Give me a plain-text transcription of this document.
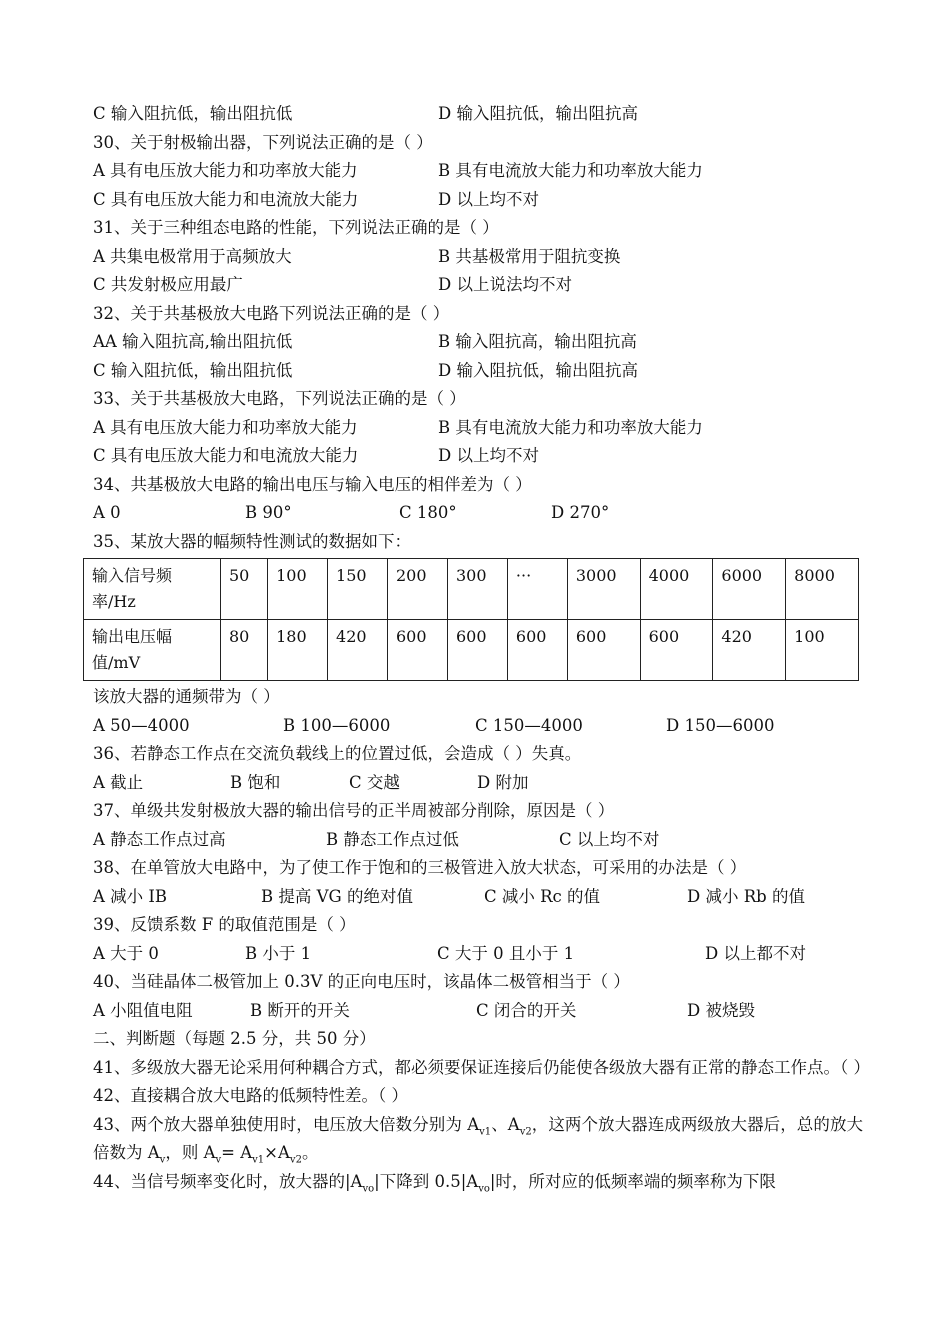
C 输入阻抗低，输出阻抗低	D 输入阻抗低，输出阻抗高
30、关于射极输出器，下列说法正确的是（ ）
A 具有电压放大能力和功率放大能力	B 具有电流放大能力和功率放大能力
C 具有电压放大能力和电流放大能力	D 以上均不对
31、关于三种组态电路的性能，下列说法正确的是（ ）
A 共集电极常用于高频放大	B 共基极常用于阻抗变换
C 共发射极应用最广	D 以上说法均不对
32、关于共基极放大电路下列说法正确的是（ ）
AA 输入阻抗高,输出阻抗低	B 输入阻抗高，输出阻抗高
C 输入阻抗低，输出阻抗低	D 输入阻抗低，输出阻抗高
33、关于共基极放大电路，下列说法正确的是（ ）
A 具有电压放大能力和功率放大能力	B 具有电流放大能力和功率放大能力
C 具有电压放大能力和电流放大能力	D 以上均不对
34、共基极放大电路的输出电压与输入电压的相伴差为（ ）
A 0	B 90°	C 180°	D 270°
35、某放大器的幅频特性测试的数据如下：
输入信号频率/Hz	50	100	150	200	300	···	3000	4000	6000	8000
输出电压幅值/mV	80	180	420	600	600	600	600	600	420	100
该放大器的通频带为（ ）
A 50—4000	B 100—6000	C 150—4000	D 150—6000
36、若静态工作点在交流负载线上的位置过低，会造成（ ）失真。
A 截止	B 饱和	C 交越	D 附加
37、单级共发射极放大器的输出信号的正半周被部分削除，原因是（ ）
A 静态工作点过高	B 静态工作点过低	C 以上均不对
38、在单管放大电路中，为了使工作于饱和的三极管进入放大状态，可采用的办法是（ ）
A 减小 IB	B 提高 VG 的绝对值	C 减小 Rc 的值	D 减小 Rb 的值
39、反馈系数 F 的取值范围是（ ）
A 大于 0	B 小于 1	C 大于 0 且小于 1	D 以上都不对
40、当硅晶体二极管加上 0.3V 的正向电压时，该晶体二极管相当于（ ）
A 小阻值电阻	B 断开的开关	C 闭合的开关	D 被烧毁
二、判断题（每题 2.5 分，共 50 分）
41、多级放大器无论采用何种耦合方式，都必须要保证连接后仍能使各级放大器有正常的静态工作点。（ ）
42、直接耦合放大电路的低频特性差。（ ）
43、两个放大器单独使用时，电压放大倍数分别为 $A_{v1}$、$A_{v2}$，这两个放大器连成两级放大器后，总的放大倍数为 $A_v$，则 $A_v= A_{v1}\times A_{v2}$。
44、当信号频率变化时，放大器的$|A_{vo}|$下降到 $0.5|A_{vo}|$时，所对应的低频率端的频率称为下限
